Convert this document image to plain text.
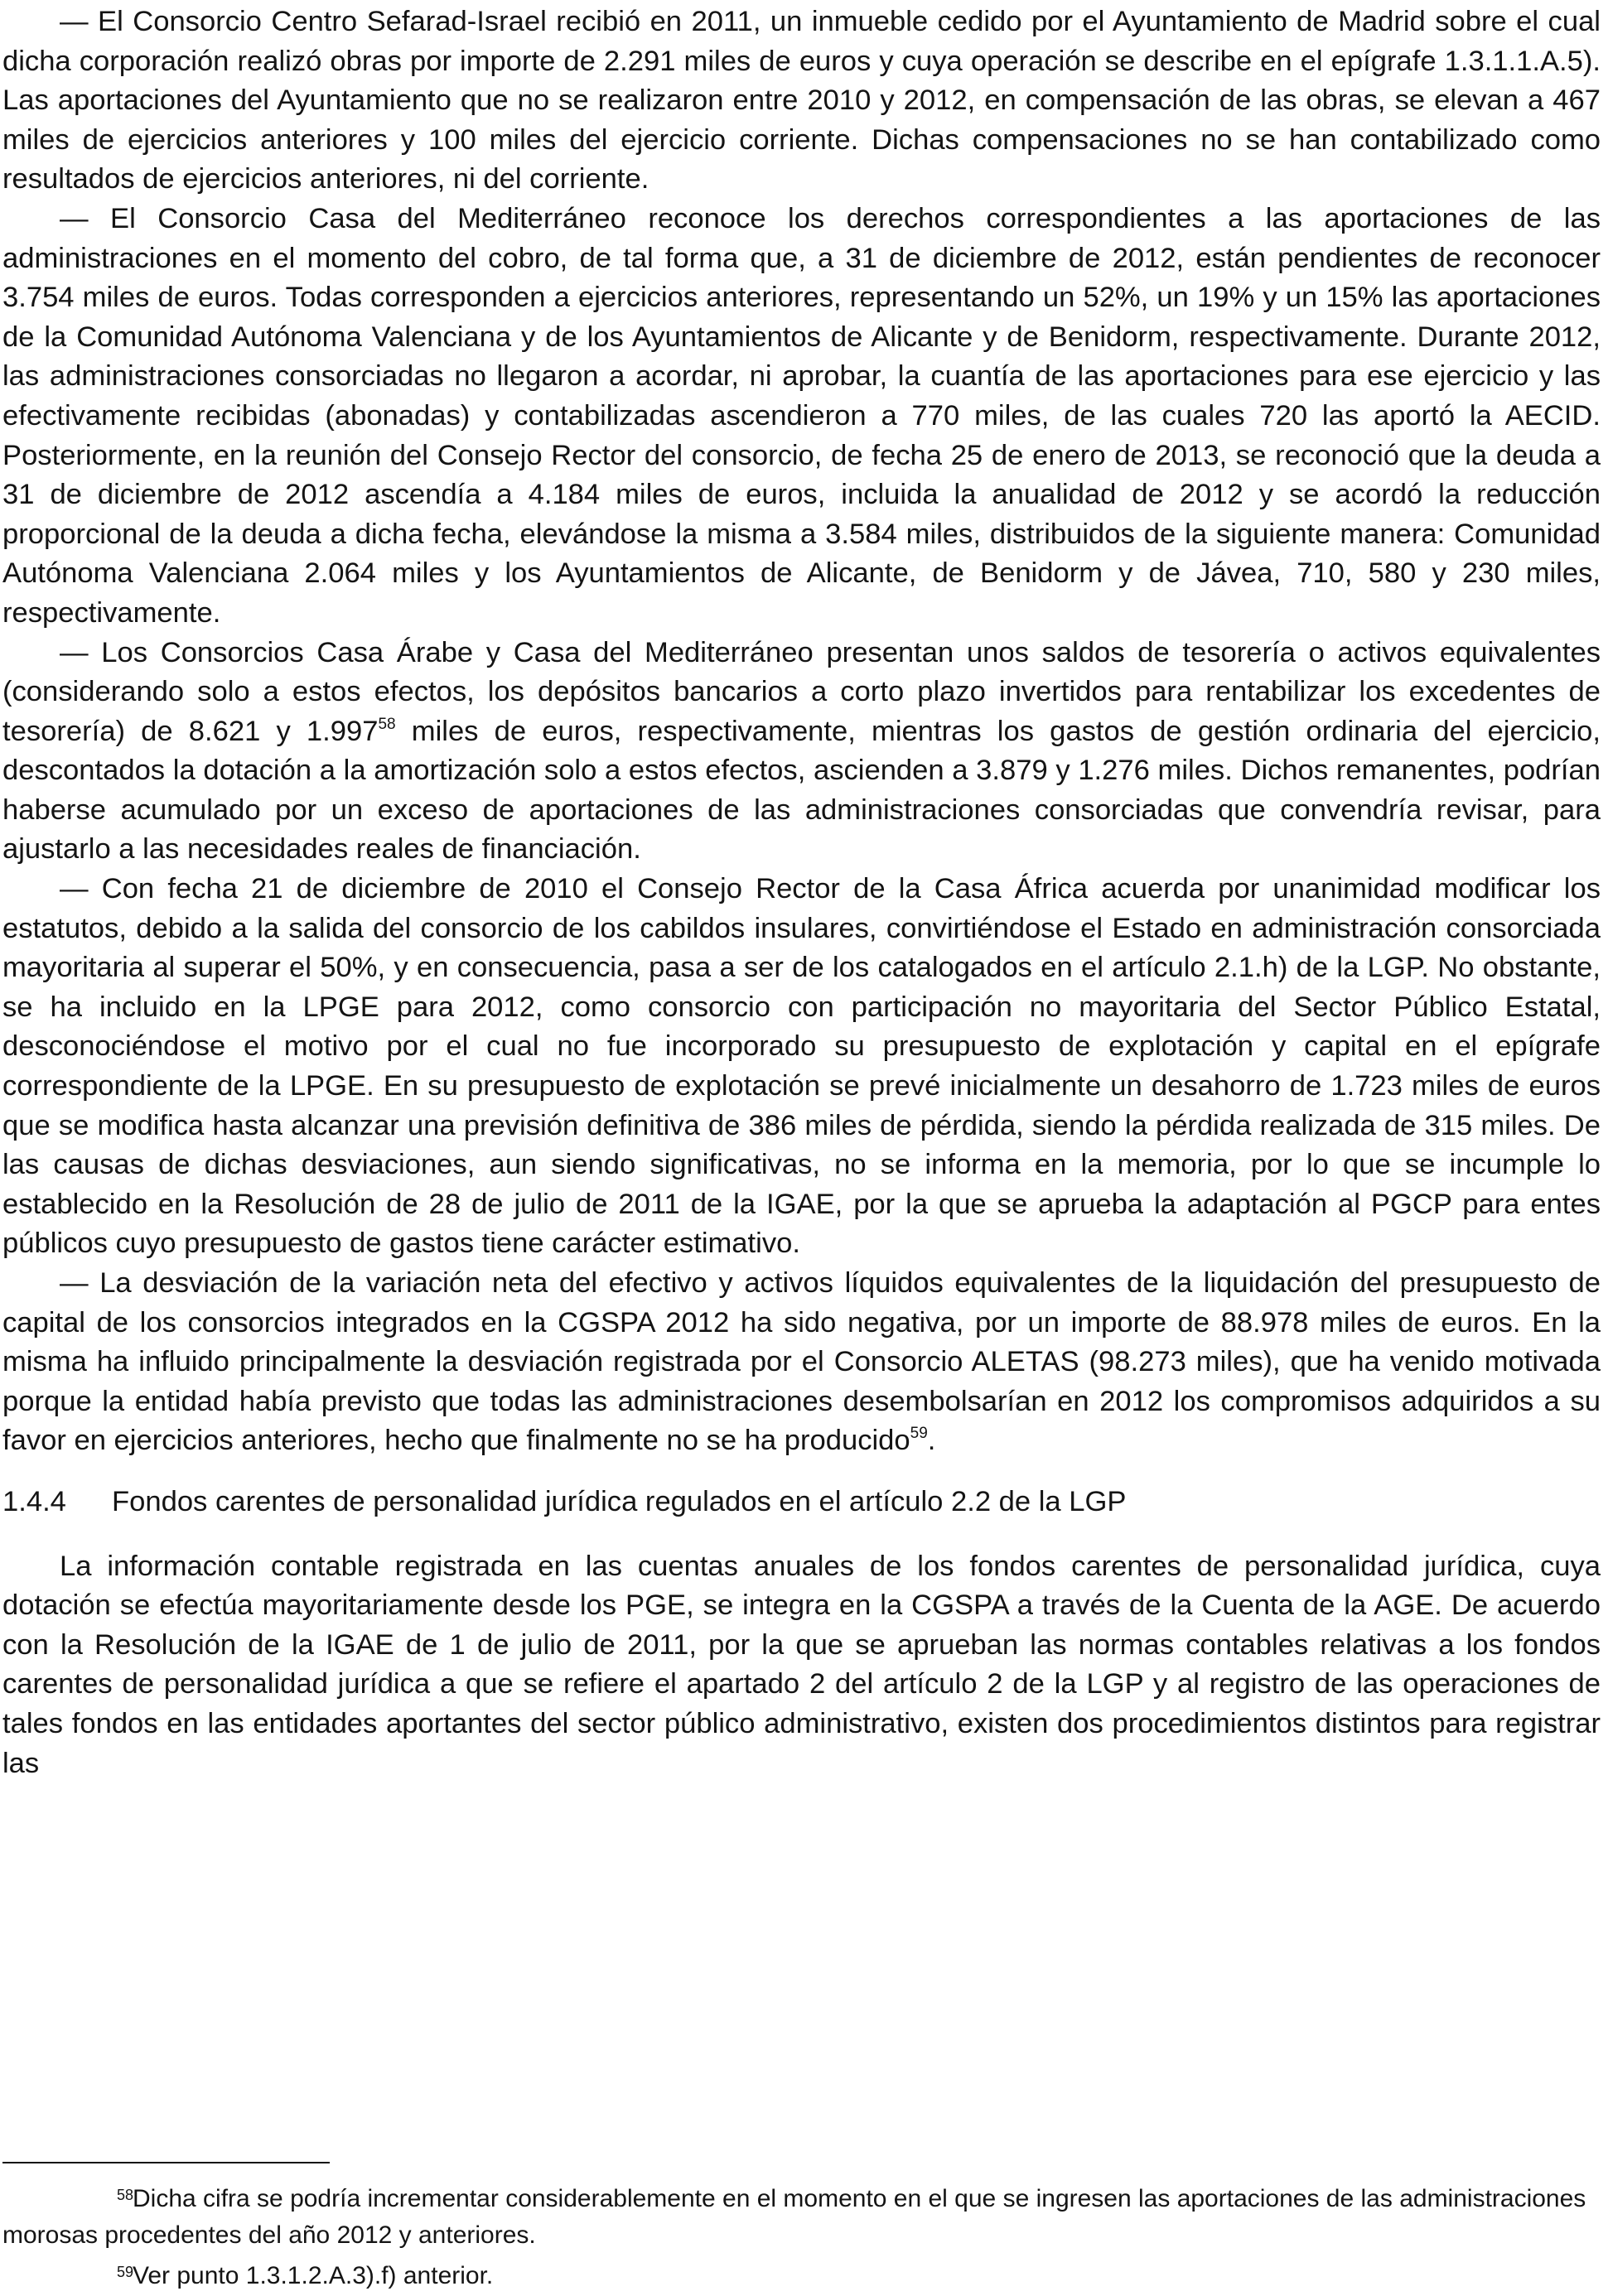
— El Consorcio Centro Sefarad-Israel recibió en 2011, un inmueble cedido por el Ayuntamiento de Madrid sobre el cual dicha corporación realizó obras por importe de 2.291 miles de euros y cuya operación se describe en el epígrafe 1.3.1.1.A.5). Las aportaciones del Ayuntamiento que no se realizaron entre 2010 y 2012, en compensación de las obras, se elevan a 467 miles de ejercicios anteriores y 100 miles del ejercicio corriente. Dichas compensaciones no se han contabilizado como resultados de ejercicios anteriores, ni del corriente.

— El Consorcio Casa del Mediterráneo reconoce los derechos correspondientes a las aportaciones de las administraciones en el momento del cobro, de tal forma que, a 31 de diciembre de 2012, están pendientes de reconocer 3.754 miles de euros. Todas corresponden a ejercicios anteriores, representando un 52%, un 19% y un 15% las aportaciones de la Comunidad Autónoma Valenciana y de los Ayuntamientos de Alicante y de Benidorm, respectivamente. Durante 2012, las administraciones consorciadas no llegaron a acordar, ni aprobar, la cuantía de las aportaciones para ese ejercicio y las efectivamente recibidas (abonadas) y contabilizadas ascendieron a 770 miles, de las cuales 720 las aportó la AECID. Posteriormente, en la reunión del Consejo Rector del consorcio, de fecha 25 de enero de 2013, se reconoció que la deuda a 31 de diciembre de 2012 ascendía a 4.184 miles de euros, incluida la anualidad de 2012 y se acordó la reducción proporcional de la deuda a dicha fecha, elevándose la misma a 3.584 miles, distribuidos de la siguiente manera: Comunidad Autónoma Valenciana 2.064 miles y los Ayuntamientos de Alicante, de Benidorm y de Jávea, 710, 580 y 230 miles, respectivamente.

— Los Consorcios Casa Árabe y Casa del Mediterráneo presentan unos saldos de tesorería o activos equivalentes (considerando solo a estos efectos, los depósitos bancarios a corto plazo invertidos para rentabilizar los excedentes de tesorería) de 8.621 y 1.997$^{58}$ miles de euros, respectivamente, mientras los gastos de gestión ordinaria del ejercicio, descontados la dotación a la amortización solo a estos efectos, ascienden a 3.879 y 1.276 miles. Dichos remanentes, podrían haberse acumulado por un exceso de aportaciones de las administraciones consorciadas que convendría revisar, para ajustarlo a las necesidades reales de financiación.

— Con fecha 21 de diciembre de 2010 el Consejo Rector de la Casa África acuerda por unanimidad modificar los estatutos, debido a la salida del consorcio de los cabildos insulares, convirtiéndose el Estado en administración consorciada mayoritaria al superar el 50%, y en consecuencia, pasa a ser de los catalogados en el artículo 2.1.h) de la LGP. No obstante, se ha incluido en la LPGE para 2012, como consorcio con participación no mayoritaria del Sector Público Estatal, desconociéndose el motivo por el cual no fue incorporado su presupuesto de explotación y capital en el epígrafe correspondiente de la LPGE. En su presupuesto de explotación se prevé inicialmente un desahorro de 1.723 miles de euros que se modifica hasta alcanzar una previsión definitiva de 386 miles de pérdida, siendo la pérdida realizada de 315 miles. De las causas de dichas desviaciones, aun siendo significativas, no se informa en la memoria, por lo que se incumple lo establecido en la Resolución de 28 de julio de 2011 de la IGAE, por la que se aprueba la adaptación al PGCP para entes públicos cuyo presupuesto de gastos tiene carácter estimativo.

— La desviación de la variación neta del efectivo y activos líquidos equivalentes de la liquidación del presupuesto de capital de los consorcios integrados en la CGSPA 2012 ha sido negativa, por un importe de 88.978 miles de euros. En la misma ha influido principalmente la desviación registrada por el Consorcio ALETAS (98.273 miles), que ha venido motivada porque la entidad había previsto que todas las administraciones desembolsarían en 2012 los compromisos adquiridos a su favor en ejercicios anteriores, hecho que finalmente no se ha producido$^{59}$.

1.4.4	Fondos carentes de personalidad jurídica regulados en el artículo 2.2 de la LGP

La información contable registrada en las cuentas anuales de los fondos carentes de personalidad jurídica, cuya dotación se efectúa mayoritariamente desde los PGE, se integra en la CGSPA a través de la Cuenta de la AGE. De acuerdo con la Resolución de la IGAE de 1 de julio de 2011, por la que se aprueban las normas contables relativas a los fondos carentes de personalidad jurídica a que se refiere el apartado 2 del artículo 2 de la LGP y al registro de las operaciones de tales fondos en las entidades aportantes del sector público administrativo, existen dos procedimientos distintos para registrar las

58Dicha cifra se podría incrementar considerablemente en el momento en el que se ingresen las aportaciones de las administraciones morosas procedentes del año 2012 y anteriores.

59Ver punto 1.3.1.2.A.3).f) anterior.
